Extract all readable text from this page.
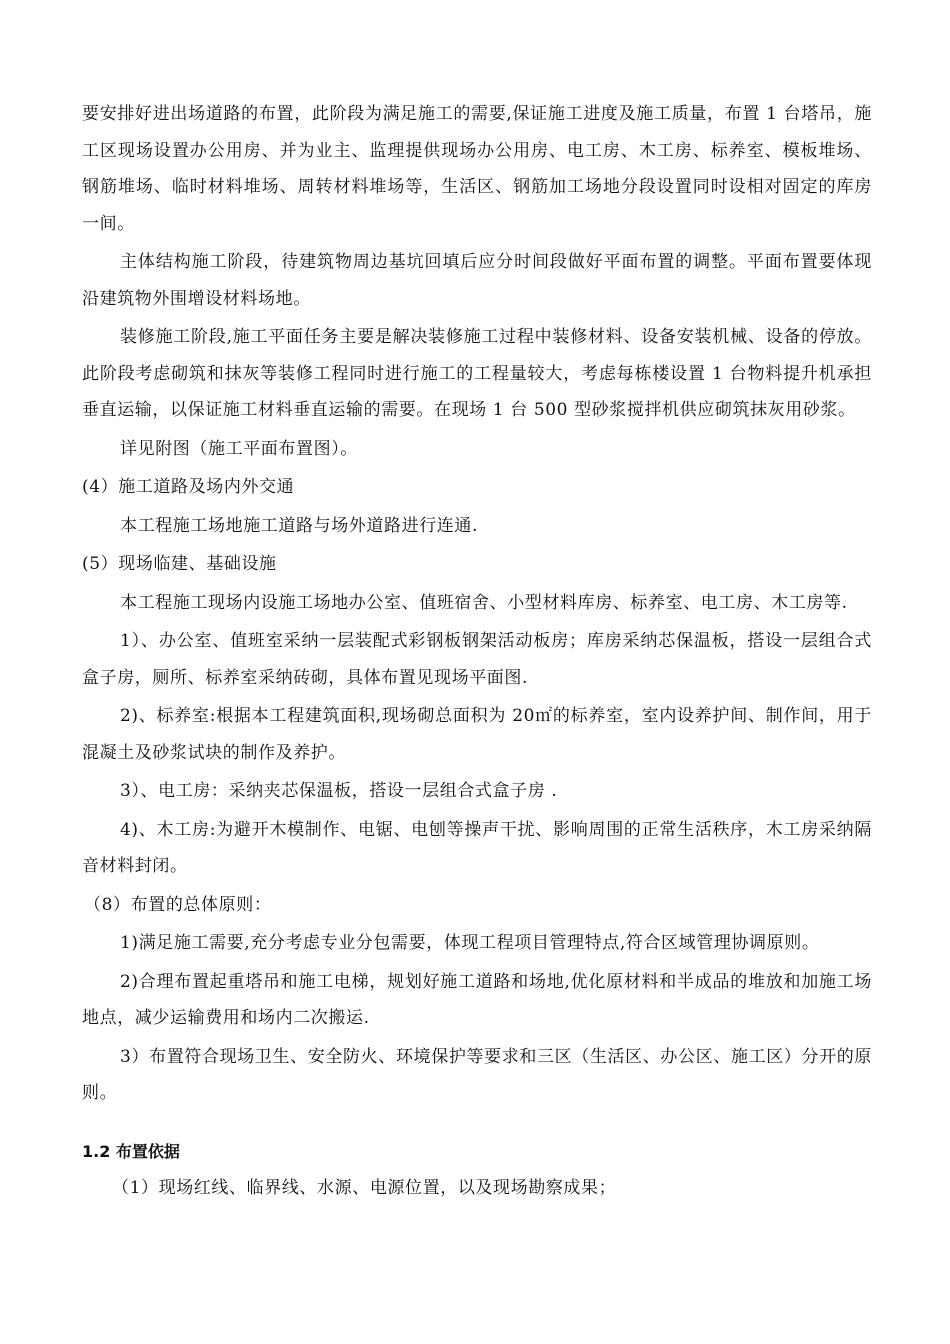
要安排好进出场道路的布置，此阶段为满足施工的需要,保证施工进度及施工质量，布置 1 台塔吊，施工区现场设置办公用房、并为业主、监理提供现场办公用房、电工房、木工房、标养室、模板堆场、钢筋堆场、临时材料堆场、周转材料堆场等，生活区、钢筋加工场地分段设置同时设相对固定的库房一间。

主体结构施工阶段，待建筑物周边基坑回填后应分时间段做好平面布置的调整。平面布置要体现沿建筑物外围增设材料场地。

装修施工阶段,施工平面任务主要是解决装修施工过程中装修材料、设备安装机械、设备的停放。此阶段考虑砌筑和抹灰等装修工程同时进行施工的工程量较大，考虑每栋楼设置 1 台物料提升机承担垂直运输，以保证施工材料垂直运输的需要。在现场 1 台 500 型砂浆搅拌机供应砌筑抹灰用砂浆。

详见附图（施工平面布置图）。

(4）施工道路及场内外交通

本工程施工场地施工道路与场外道路进行连通.

(5）现场临建、基础设施

本工程施工现场内设施工场地办公室、值班宿舍、小型材料库房、标养室、电工房、木工房等.

1）、办公室、值班室采纳一层装配式彩钢板钢架活动板房；库房采纳芯保温板，搭设一层组合式盒子房，厕所、标养室采纳砖砌，具体布置见现场平面图.

2)、标养室:根据本工程建筑面积,现场砌总面积为 20㎡的标养室，室内设养护间、制作间，用于混凝土及砂浆试块的制作及养护。

3）、电工房：采纳夹芯保温板，搭设一层组合式盒子房 .

4)、木工房:为避开木模制作、电锯、电刨等操声干扰、影响周围的正常生活秩序，木工房采纳隔音材料封闭。

（8）布置的总体原则：

1)满足施工需要,充分考虑专业分包需要，体现工程项目管理特点,符合区域管理协调原则。

2)合理布置起重塔吊和施工电梯，规划好施工道路和场地,优化原材料和半成品的堆放和加施工场地点，减少运输费用和场内二次搬运.

3）布置符合现场卫生、安全防火、环境保护等要求和三区（生活区、办公区、施工区）分开的原则。

1.2 布置依据

（1）现场红线、临界线、水源、电源位置，以及现场勘察成果；
